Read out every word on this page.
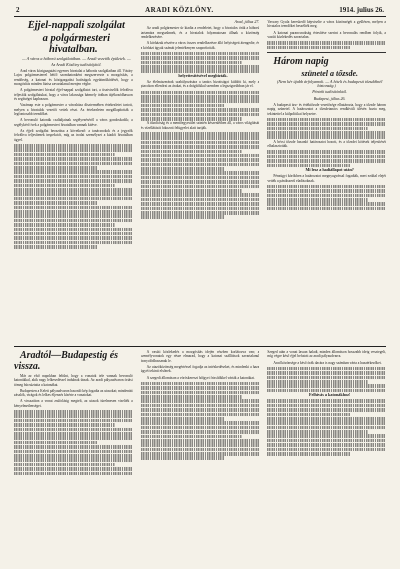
2	ARADI KÖZLÖNY.	1914. julius 26.

Éjjel-nappali szolgálat

a polgármesteri hivatalban.

— A város a háború szolgálatában. — Aradi vezetők épületek. —

Az Aradi Közlöny tudósítójától.

Arad város közigazgatási egyenes hivatalai a háborús szolgálatban áll. Vásáry Lajos polgármesterrel hétfő szombatonként megszervezte a mozgósítás, a rendőrség, a katonai és közigazgatási hatóságok együttműködését, hogy a mozgósítás minden fázisa zavartalanul menjen végbe.

A polgármesteri hivatal éjjel-nappal szolgálatot tart, a tisztviselők felváltva teljesítik szolgálatukat, hogy a város lakossága bármely órában tájékozódhasson és segítséget kaphasson.

Vasárnap este a polgármester a városháza dísztermében értekezletet tartott, melyen a hivatalok vezetői vettek részt. Az értekezleten megállapították a legfontosabb teendőket.

A bevonuló katonák családjainak segélyezéséről a város gondoskodik; a segélykérő ívek a polgármesteri hivatalban vannak kitéve.

Az éjjeli szolgálat beosztása a következő: a tanácsnokok és a jegyzők felváltva teljesítenek inspekciót, míg az irodai személyzet a kiadói hivatalban ügyel.

Arad, július 27.

Az aradi polgármester úr kiadta a rendeletet, hogy a hivatalos órák a háború tartamára megszűnnek, és a hivatalok folyamatosan állnak a közönség rendelkezésére.

A kórházak részére a város összes rendelkezésre álló helyiségeit átengedte, és a kórházi ágyak számát jelentékenyen szaporították.

helyettesítésével megbízták.

Az élelmiszerárak szabályozására a tanács bizottságot küldött ki, mely a piacokon ellenőrzi az árakat, és a drágítókkal szemben a legszigorúbban jár el.

A tűzoltóság és a mentőegyesület szintén készenlétben áll, a város világítását és vízellátását fokozott felügyelet alatt tartják.

Vasvary Gyula kereskedő képviselte a város közönségét a gyűlésen, melyen a hivatalos teendőket beszélték meg.

A katonai parancsnokság értesítése szerint a bevonulás rendben folyik, a vasúti közlekedés zavartalan.

Három napig

szünetel a tőzsde.

(Nem kér újabb árfolyamok. — A hitelt és budapesti tőzsdéknél biztonság.)

Pénteki tudósítónktól.

Budapest, július 26.

A budapesti áru- és értéktőzsde vezetősége elhatározta, hogy a tőzsde három napig szünetel. A határozatot a tőzsdetanács rendkívüli ülésén hozta meg, tekintettel a külpolitikai helyzetre.

A bécsi tőzsde hasonló határozatot hozott, és a tőzsdei kötések teljesítését elhalasztották.

Mi lesz a hadiállapot után?

Pénzügyi körökben a határozatot megnyugvással fogadták, mert ezáltal elejét vették a pánikszerű eladásoknak.

Aradtól—Budapestig és vissza.

Már az első napokban feltűnt, hogy a vonatok tele vannak bevonuló katonákkal, akik nagy lelkesedéssel indulnak útnak. Az aradi pályaudvaron óriási tömeg búcsúztatta a katonákat.

Budapesten a Keleti pályaudvaron hasonló kép fogadta az utasokat; mindenütt zászlók, virágok és lelkes éljenzés kísérte a vonatokat.

A visszaúton a vonat zsúfolásig megtelt, az utasok türelmesen viselték a kényelmetlenséget.

A vasúti közlekedés a mozgósítás idején részben korlátozva van; a személyvonatok egy része elmarad, hogy a katonai szállítások zavartalanul bonyolódhassanak le.

Az utazóközönség megértéssel fogadja az intézkedéseket, és mindenki a haza ügyét tekinti elsőnek.

A szegedi állomáson a vöröskereszt hölgyei frissítőkkel várták a katonákat.

Szeged után a vonat lassan haladt, minden állomáson hosszabb ideig vesztegelt, míg végre késő éjjel befutott az aradi pályaudvarra.

Arad közönsége a késő órák dacára is nagy számban várta a hazaérkezőket.

Felhívás a katonákhoz!
